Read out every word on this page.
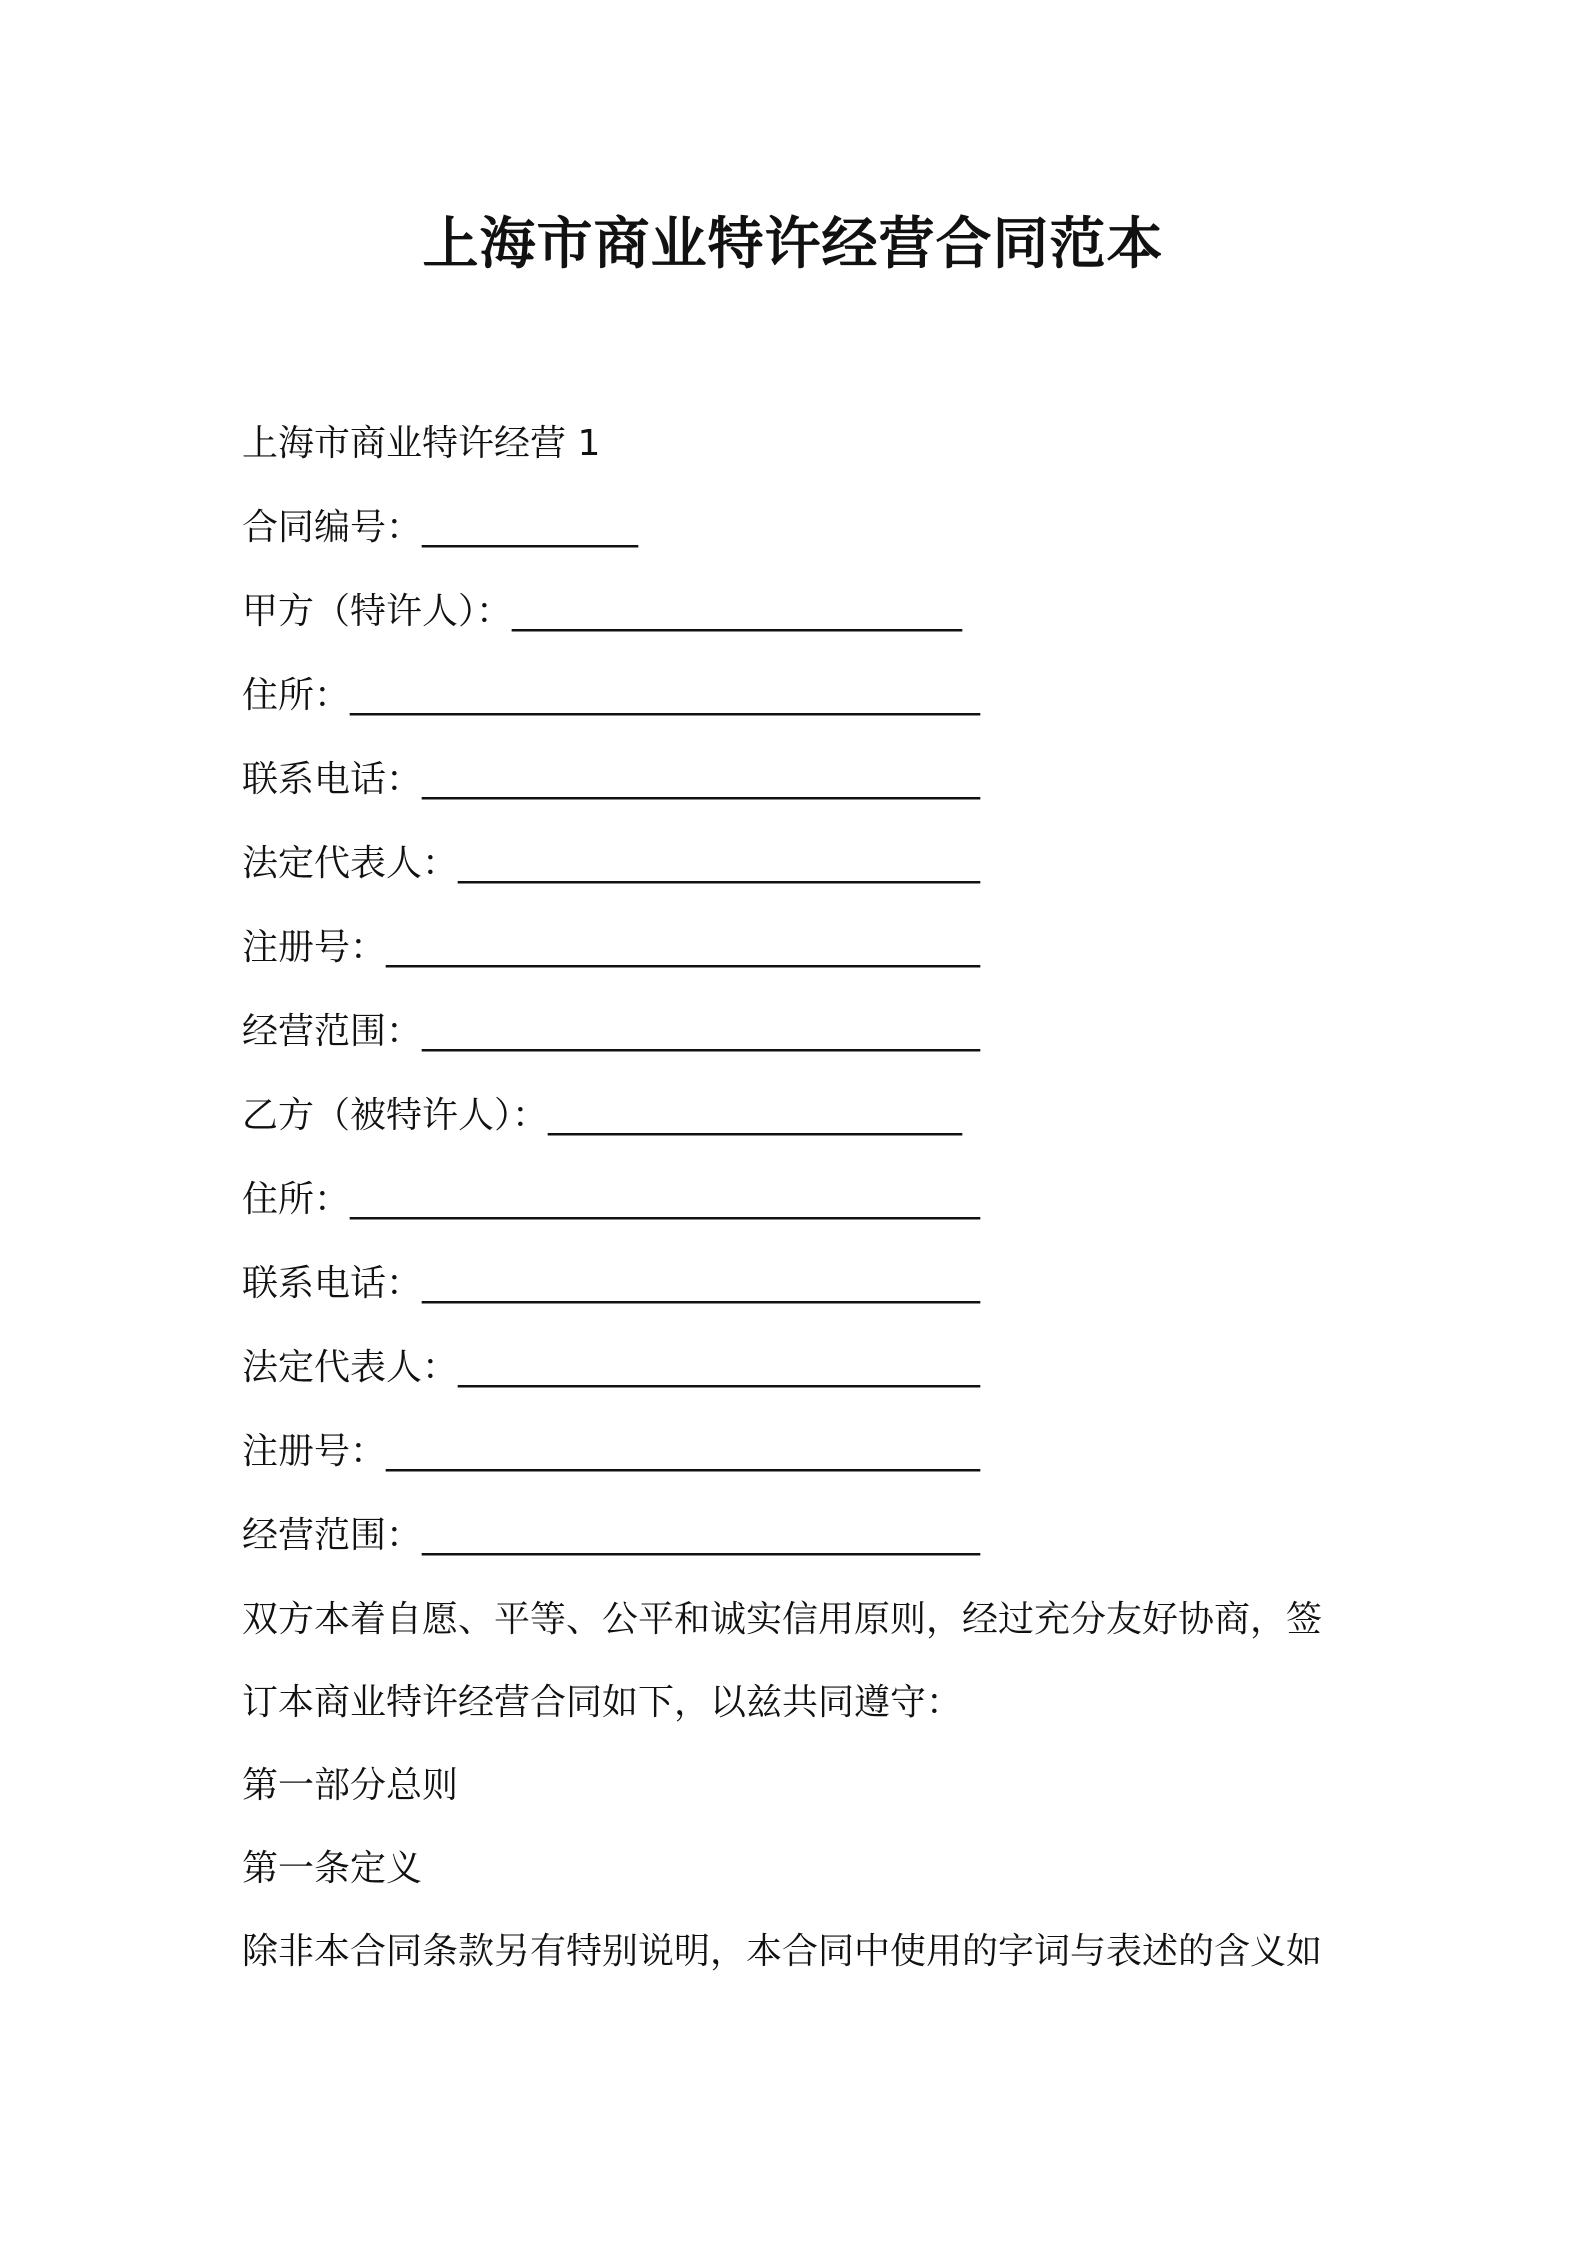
上海市商业特许经营合同范本
上海市商业特许经营 1
合同编号：____________
甲方（特许人）：_________________________
住所：___________________________________
联系电话：_______________________________
法定代表人：_____________________________
注册号：_________________________________
经营范围：_______________________________
乙方（被特许人）：_______________________
住所：___________________________________
联系电话：_______________________________
法定代表人：_____________________________
注册号：_________________________________
经营范围：_______________________________
双方本着自愿、平等、公平和诚实信用原则，经过充分友好协商，签
订本商业特许经营合同如下，以兹共同遵守：
第一部分总则
第一条定义
除非本合同条款另有特别说明，本合同中使用的字词与表述的含义如
